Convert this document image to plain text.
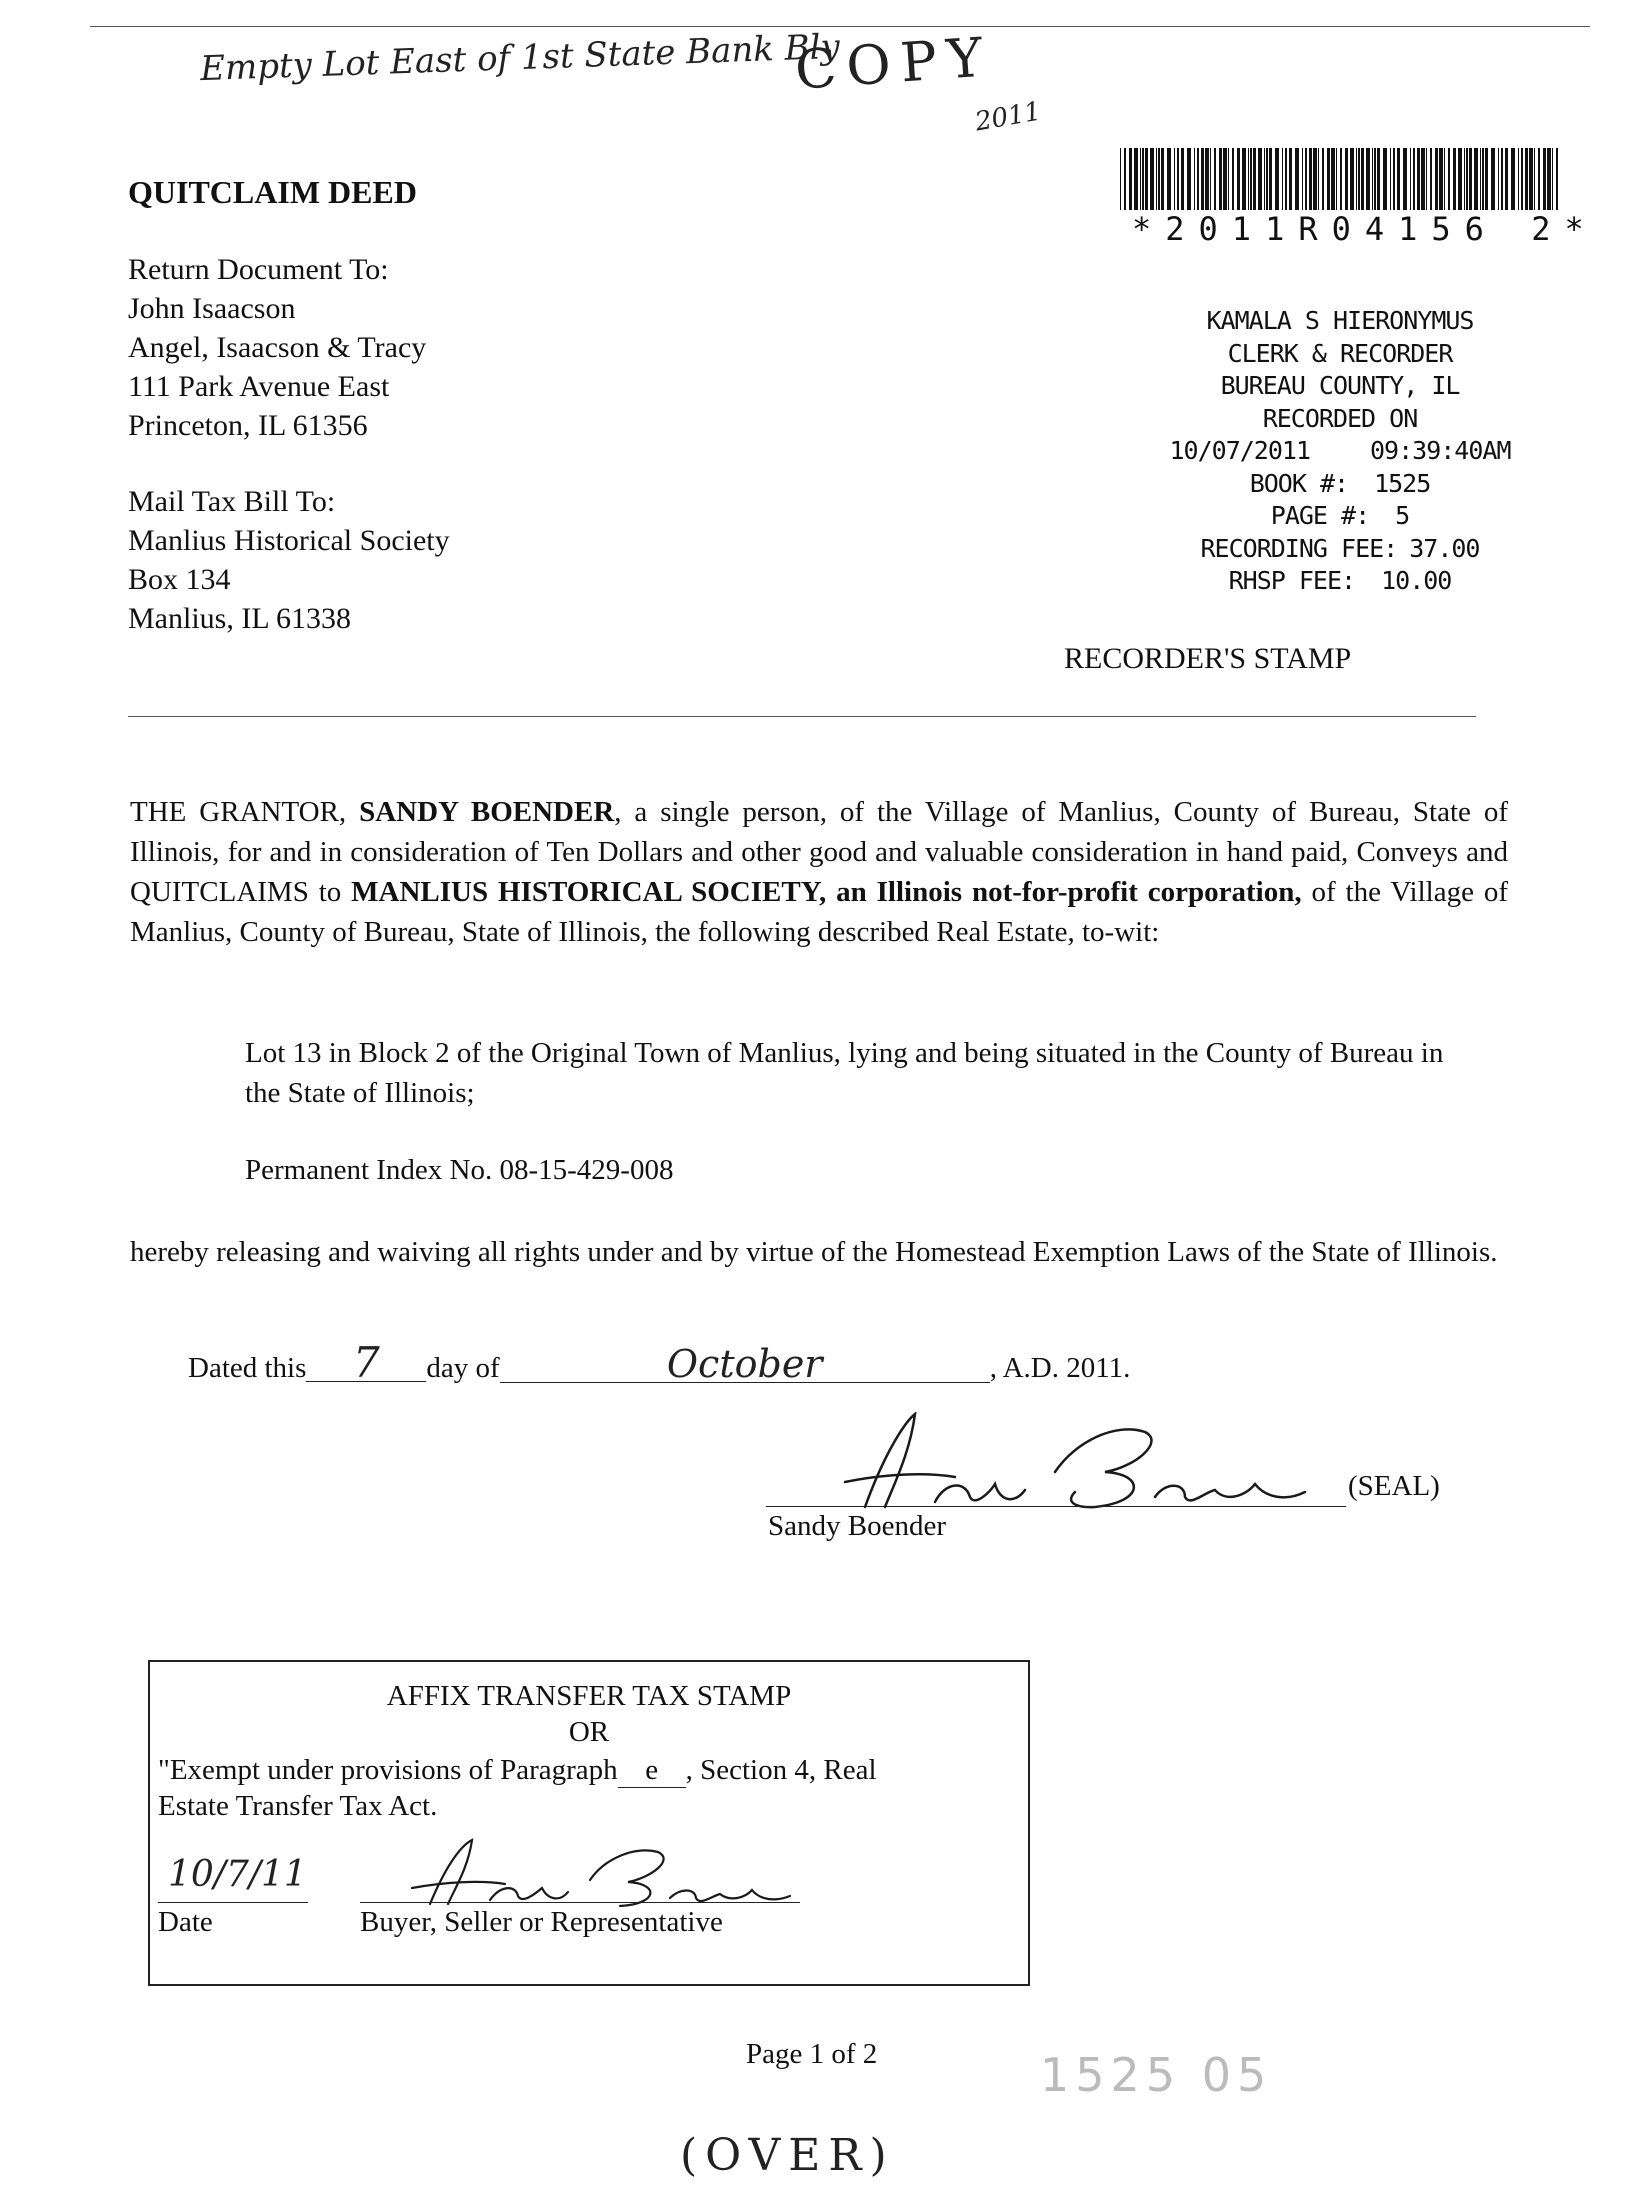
Empty Lot East of 1st State Bank Bly
COPY
2011
QUITCLAIM DEED
Return Document To:
John Isaacson
Angel, Isaacson & Tracy
111 Park Avenue East
Princeton, IL 61356
Mail Tax Bill To:
Manlius Historical Society
Box 134
Manlius, IL 61338
*2011R04156 2*
KAMALA S HIERONYMUS
CLERK & RECORDER
BUREAU COUNTY, IL
RECORDED ON
10/07/2011 09:39:40AM
BOOK #: 1525
PAGE #: 5
RECORDING FEE: 37.00
RHSP FEE: 10.00
RECORDER'S STAMP
THE GRANTOR, SANDY BOENDER, a single person, of the Village of Manlius, County of Bureau, State of Illinois, for and in consideration of Ten Dollars and other good and valuable consideration in hand paid, Conveys and QUITCLAIMS to MANLIUS HISTORICAL SOCIETY, an Illinois not-for-profit corporation, of the Village of Manlius, County of Bureau, State of Illinois, the following described Real Estate, to-wit:
Lot 13 in Block 2 of the Original Town of Manlius, lying and being situated in the County of Bureau in the State of Illinois;
Permanent Index No. 08-15-429-008
hereby releasing and waiving all rights under and by virtue of the Homestead Exemption Laws of the State of Illinois.
Dated this 7 day of	October	, A.D. 2011.
(SEAL)
Sandy Boender
AFFIX TRANSFER TAX STAMP
OR
"Exempt under provisions of Paragraph e , Section 4, Real
Estate Transfer Tax Act.
10/7/11
Date	Buyer, Seller or Representative
Page 1 of 2	1525 05
(OVER)
